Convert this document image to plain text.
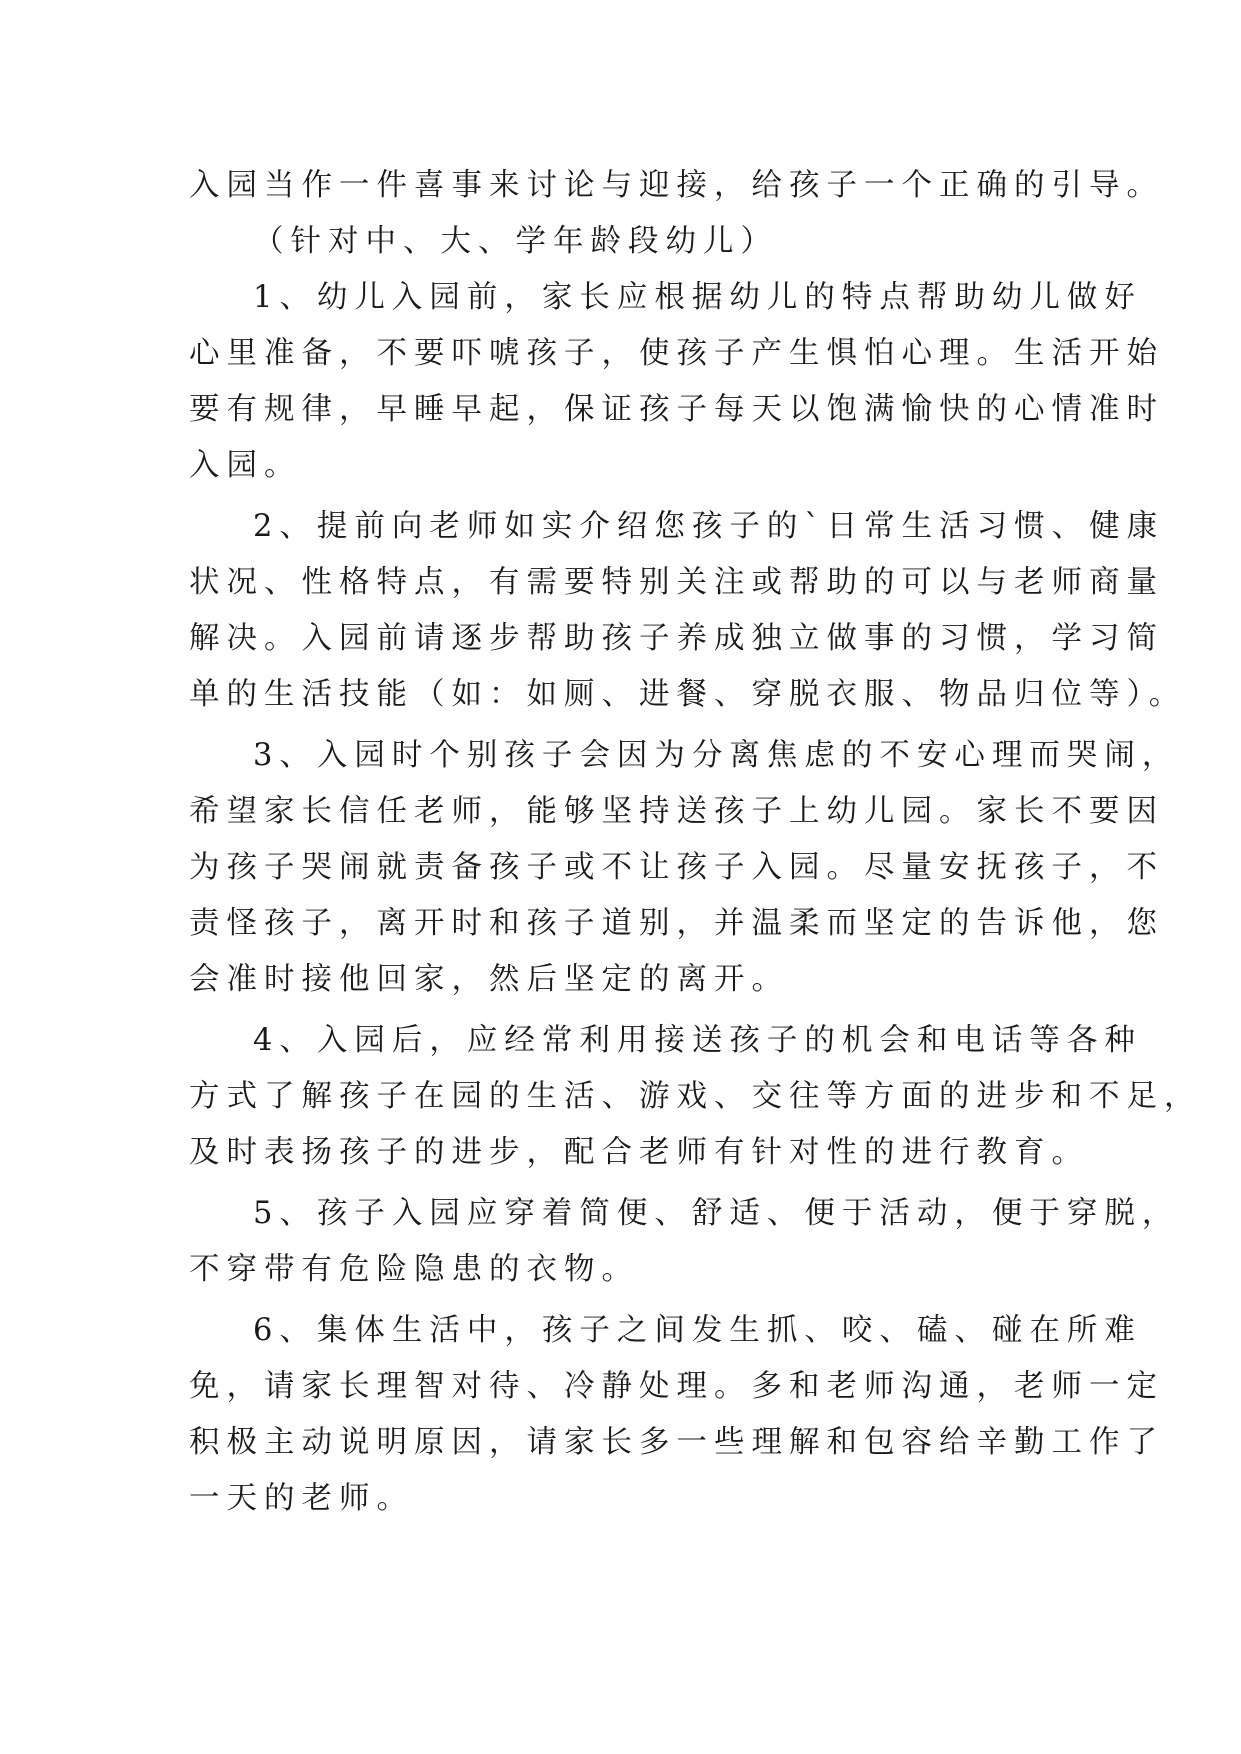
入园当作一件喜事来讨论与迎接，给孩子一个正确的引导。
（针对中、大、学年龄段幼儿）
1、幼儿入园前，家长应根据幼儿的特点帮助幼儿做好
心里准备，不要吓唬孩子，使孩子产生惧怕心理。生活开始
要有规律，早睡早起，保证孩子每天以饱满愉快的心情准时
入园。
2、提前向老师如实介绍您孩子的`日常生活习惯、健康
状况、性格特点，有需要特别关注或帮助的可以与老师商量
解决。入园前请逐步帮助孩子养成独立做事的习惯，学习简
单的生活技能（如：如厕、进餐、穿脱衣服、物品归位等）。
3、入园时个别孩子会因为分离焦虑的不安心理而哭闹，
希望家长信任老师，能够坚持送孩子上幼儿园。家长不要因
为孩子哭闹就责备孩子或不让孩子入园。尽量安抚孩子，不
责怪孩子，离开时和孩子道别，并温柔而坚定的告诉他，您
会准时接他回家，然后坚定的离开。
4、入园后，应经常利用接送孩子的机会和电话等各种
方式了解孩子在园的生活、游戏、交往等方面的进步和不足，
及时表扬孩子的进步，配合老师有针对性的进行教育。
5、孩子入园应穿着简便、舒适、便于活动，便于穿脱，
不穿带有危险隐患的衣物。
6、集体生活中，孩子之间发生抓、咬、磕、碰在所难
免，请家长理智对待、冷静处理。多和老师沟通，老师一定
积极主动说明原因，请家长多一些理解和包容给辛勤工作了
一天的老师。
